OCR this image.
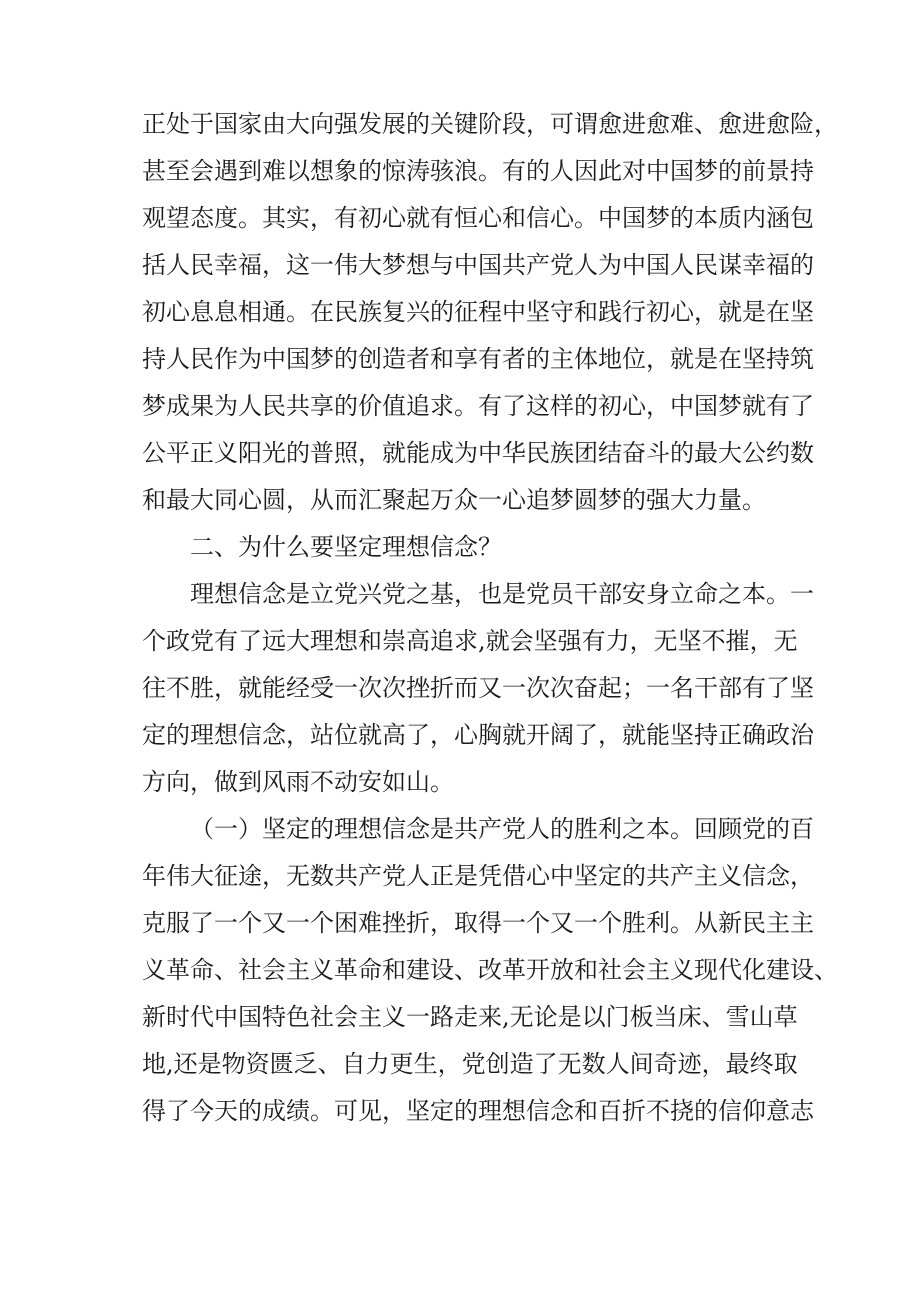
正处于国家由大向强发展的关键阶段，可谓愈进愈难、愈进愈险，
甚至会遇到难以想象的惊涛骇浪。有的人因此对中国梦的前景持
观望态度。其实，有初心就有恒心和信心。中国梦的本质内涵包
括人民幸福，这一伟大梦想与中国共产党人为中国人民谋幸福的
初心息息相通。在民族复兴的征程中坚守和践行初心，就是在坚
持人民作为中国梦的创造者和享有者的主体地位，就是在坚持筑
梦成果为人民共享的价值追求。有了这样的初心，中国梦就有了
公平正义阳光的普照，就能成为中华民族团结奋斗的最大公约数
和最大同心圆，从而汇聚起万众一心追梦圆梦的强大力量。
二、为什么要坚定理想信念？
理想信念是立党兴党之基，也是党员干部安身立命之本。一
个政党有了远大理想和崇高追求,就会坚强有力，无坚不摧，无
往不胜，就能经受一次次挫折而又一次次奋起；一名干部有了坚
定的理想信念，站位就高了，心胸就开阔了，就能坚持正确政治
方向，做到风雨不动安如山。
（一）坚定的理想信念是共产党人的胜利之本。回顾党的百
年伟大征途，无数共产党人正是凭借心中坚定的共产主义信念，
克服了一个又一个困难挫折，取得一个又一个胜利。从新民主主
义革命、社会主义革命和建设、改革开放和社会主义现代化建设、
新时代中国特色社会主义一路走来,无论是以门板当床、雪山草
地,还是物资匮乏、自力更生，党创造了无数人间奇迹，最终取
得了今天的成绩。可见，坚定的理想信念和百折不挠的信仰意志
